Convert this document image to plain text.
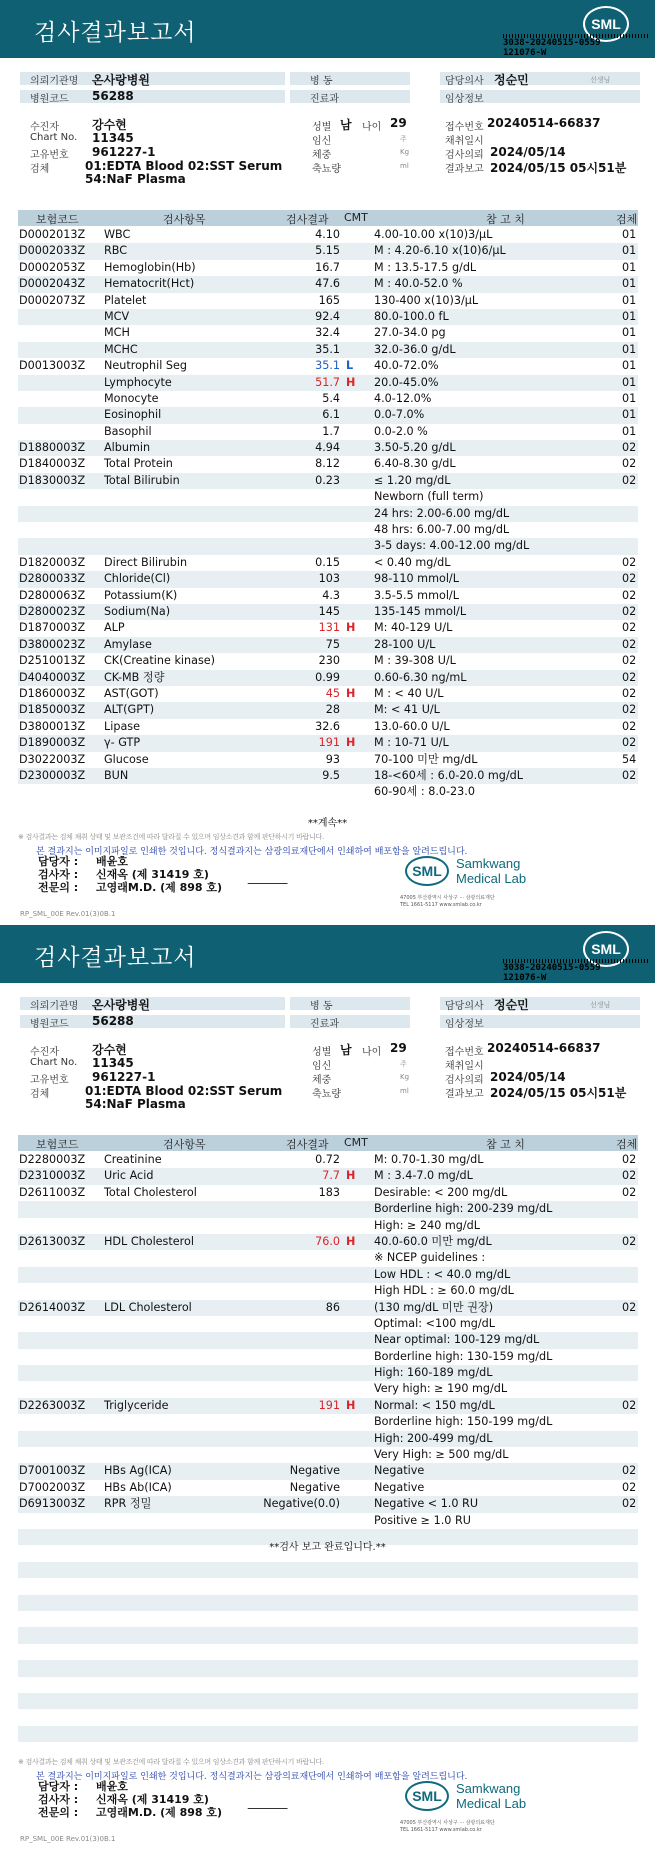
검사결과보고서	SML
3038-20240515-0559
121076-W
의뢰기관명 온사랑병원	병 동	담당의사 정순민	선생님
병원코드 56288	진료과	임상정보
수진자	강수현
Chart No. 11345
고유번호 961227-1
검체	01:EDTA Blood 02:SST Serum
54:NaF Plasma
성별 남 나이 29
임신	주
체중	Kg
축뇨량	ml
접수번호 20240514-66837
채취일시
검사의뢰 2024/05/14
결과보고 2024/05/15 05시51분
보험코드	검사항목	검사결과 CMT	참 고 치	검체
D0002013Z WBC	4.10	4.00-10.00 x(10)3/µL	01
D0002033Z RBC	5.15	M : 4.20-6.10 x(10)6/µL	01
D0002053Z Hemoglobin(Hb)	16.7	M : 13.5-17.5 g/dL	01
D0002043Z Hematocrit(Hct)	47.6	M : 40.0-52.0 %	01
D0002073Z Platelet	165	130-400 x(10)3/µL	01
MCV	92.4	80.0-100.0 fL	01
MCH	32.4	27.0-34.0 pg	01
MCHC	35.1	32.0-36.0 g/dL	01
D0013003Z Neutrophil Seg	35.1 L 40.0-72.0%	01
Lymphocyte	51.7 H 20.0-45.0%	01
Monocyte	5.4	4.0-12.0%	01
Eosinophil	6.1	0.0-7.0%	01
Basophil	1.7	0.0-2.0 %	01
D1880003Z Albumin	4.94	3.50-5.20 g/dL	02
D1840003Z Total Protein	8.12	6.40-8.30 g/dL	02
D1830003Z Total Bilirubin	0.23	≤ 1.20 mg/dL	02
Newborn (full term)
24 hrs: 2.00-6.00 mg/dL
48 hrs: 6.00-7.00 mg/dL
3-5 days: 4.00-12.00 mg/dL
D1820003Z Direct Bilirubin	0.15	< 0.40 mg/dL	02
D2800033Z Chloride(Cl)	103	98-110 mmol/L	02
D2800063Z Potassium(K)	4.3	3.5-5.5 mmol/L	02
D2800023Z Sodium(Na)	145	135-145 mmol/L	02
D1870003Z ALP	131 H M: 40-129 U/L	02
D3800023Z Amylase	75	28-100 U/L	02
D2510013Z CK(Creatine kinase)	230	M : 39-308 U/L	02
D4040003Z CK-MB 정량	0.99	0.60-6.30 ng/mL	02
D1860003Z AST(GOT)	45 H M : < 40 U/L	02
D1850003Z ALT(GPT)	28	M: < 41 U/L	02
D3800013Z Lipase	32.6	13.0-60.0 U/L	02
D1890003Z γ- GTP	191 H M : 10-71 U/L	02
D3022003Z Glucose	93	70-100 미만 mg/dL	54
D2300003Z BUN	9.5	18-<60세 : 6.0-20.0 mg/dL	02
60-90세 : 8.0-23.0
**계속**
※ 검사결과는 검체 채취 상태 및 보관조건에 따라 달라질 수 있으며 임상소견과 함께 판단하시기 바랍니다.
본 결과지는 이미지파일로 인쇄한 것입니다. 정식결과지는 삼광의료재단에서 인쇄하여 배포함을 알려드립니다.
담당자 : 배윤호
검사자 : 신재옥 (제 31419 호)
전문의 : 고영래M.D. (제 898 호)
SML	Samkwang
Medical Lab
47005 부산광역시 사상구 ··· 삼광의료재단
TEL 1661-5117 www.smlab.co.kr
RP_SML_00E Rev.01(3)0B.1
검사결과보고서	SML
3038-20240515-0559
121076-W
의뢰기관명 온사랑병원	병 동	담당의사 정순민	선생님
병원코드 56288	진료과	임상정보
수진자	강수현
Chart No. 11345
고유번호 961227-1
검체	01:EDTA Blood 02:SST Serum
54:NaF Plasma
성별 남 나이 29
임신	주
체중	Kg
축뇨량	ml
접수번호 20240514-66837
채취일시
검사의뢰 2024/05/14
결과보고 2024/05/15 05시51분
보험코드	검사항목	검사결과 CMT	참 고 치	검체
D2280003Z Creatinine	0.72	M: 0.70-1.30 mg/dL	02
D2310003Z Uric Acid	7.7 H M : 3.4-7.0 mg/dL	02
D2611003Z Total Cholesterol	183	Desirable: < 200 mg/dL	02
Borderline high: 200-239 mg/dL
High: ≥ 240 mg/dL
D2613003Z HDL Cholesterol	76.0 H 40.0-60.0 미만 mg/dL	02
※ NCEP guidelines :
Low HDL : < 40.0 mg/dL
High HDL : ≥ 60.0 mg/dL
D2614003Z LDL Cholesterol	86	(130 mg/dL 미만 권장)	02
Optimal: <100 mg/dL
Near optimal: 100-129 mg/dL
Borderline high: 130-159 mg/dL
High: 160-189 mg/dL
Very high: ≥ 190 mg/dL
D2263003Z Triglyceride	191 H Normal: < 150 mg/dL	02
Borderline high: 150-199 mg/dL
High: 200-499 mg/dL
Very High: ≥ 500 mg/dL
D7001003Z HBs Ag(ICA)	Negative	Negative	02
D7002003Z HBs Ab(ICA)	Negative	Negative	02
D6913003Z RPR 정밀	Negative(0.0)	Negative < 1.0 RU	02
Positive ≥ 1.0 RU
**검사 보고 완료입니다.**
※ 검사결과는 검체 채취 상태 및 보관조건에 따라 달라질 수 있으며 임상소견과 함께 판단하시기 바랍니다.
본 결과지는 이미지파일로 인쇄한 것입니다. 정식결과지는 삼광의료재단에서 인쇄하여 배포함을 알려드립니다.
담당자 : 배윤호
검사자 : 신재옥 (제 31419 호)
전문의 : 고영래M.D. (제 898 호)
SML	Samkwang
Medical Lab
47005 부산광역시 사상구 ··· 삼광의료재단
TEL 1661-5117 www.smlab.co.kr
RP_SML_00E Rev.01(3)0B.1
